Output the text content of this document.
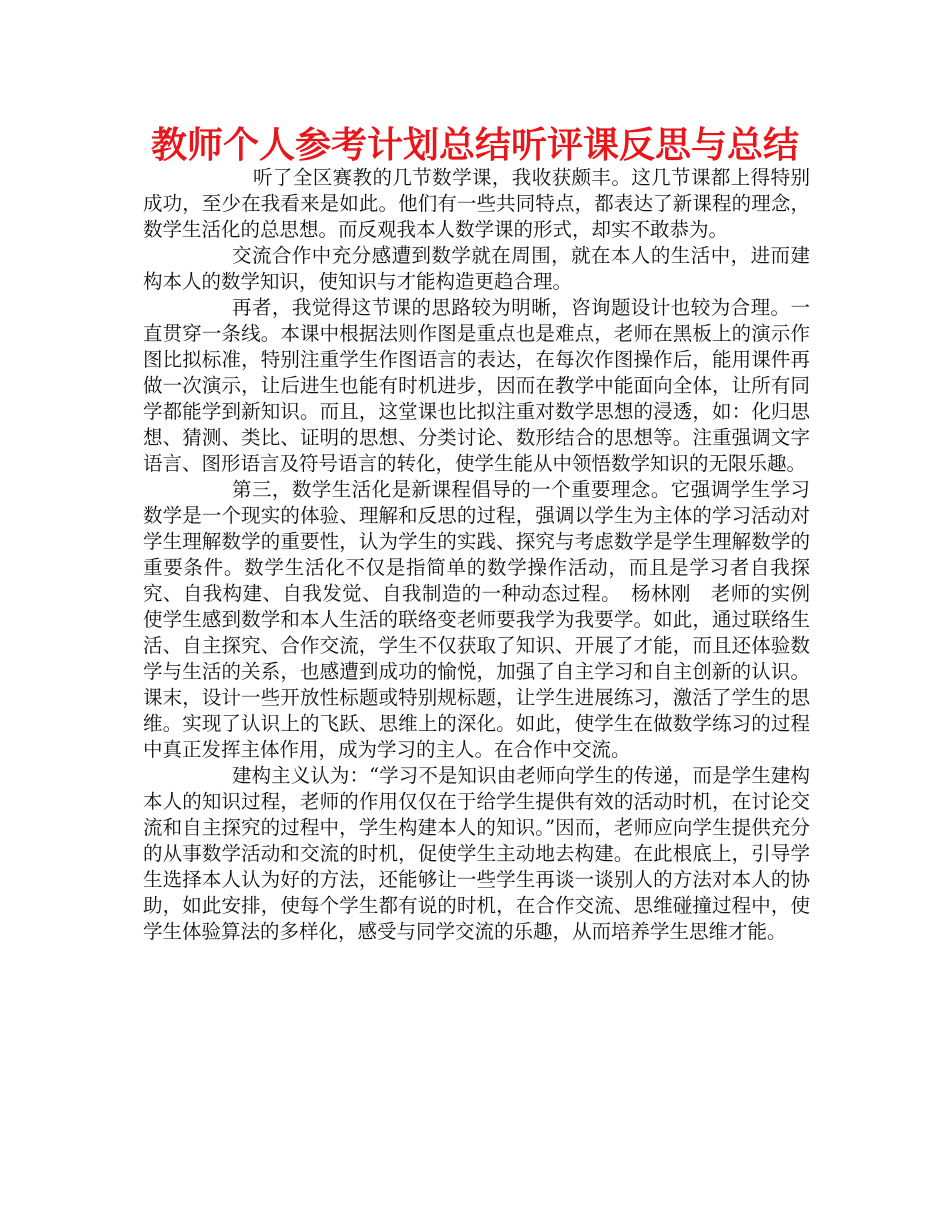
教师个人参考计划总结听评课反思与总结

听了全区赛教的几节数学课，我收获颇丰。这几节课都上得特别成功，至少在我看来是如此。他们有一些共同特点，都表达了新课程的理念，数学生活化的总思想。而反观我本人数学课的形式，却实不敢恭为。

交流合作中充分感遭到数学就在周围，就在本人的生活中，进而建构本人的数学知识，使知识与才能构造更趋合理。

再者，我觉得这节课的思路较为明晰，咨询题设计也较为合理。一直贯穿一条线。本课中根据法则作图是重点也是难点，老师在黑板上的演示作图比拟标准，特别注重学生作图语言的表达，在每次作图操作后，能用课件再做一次演示，让后进生也能有时机进步，因而在教学中能面向全体，让所有同学都能学到新知识。而且，这堂课也比拟注重对数学思想的浸透，如：化归思想、猜测、类比、证明的思想、分类讨论、数形结合的思想等。注重强调文字语言、图形语言及符号语言的转化，使学生能从中领悟数学知识的无限乐趣。

第三，数学生活化是新课程倡导的一个重要理念。它强调学生学习数学是一个现实的体验、理解和反思的过程，强调以学生为主体的学习活动对学生理解数学的重要性，认为学生的实践、探究与考虑数学是学生理解数学的重要条件。数学生活化不仅是指简单的数学操作活动，而且是学习者自我探究、自我构建、自我发觉、自我制造的一种动态过程。　杨林刚　老师的实例使学生感到数学和本人生活的联络变老师要我学为我要学。如此，通过联络生活、自主探究、合作交流，学生不仅获取了知识、开展了才能，而且还体验数学与生活的关系，也感遭到成功的愉悦，加强了自主学习和自主创新的认识。课末，设计一些开放性标题或特别规标题，让学生进展练习，激活了学生的思维。实现了认识上的飞跃、思维上的深化。如此，使学生在做数学练习的过程中真正发挥主体作用，成为学习的主人。在合作中交流。

建构主义认为：“学习不是知识由老师向学生的传递，而是学生建构本人的知识过程，老师的作用仅仅在于给学生提供有效的活动时机，在讨论交流和自主探究的过程中，学生构建本人的知识。”因而，老师应向学生提供充分的从事数学活动和交流的时机，促使学生主动地去构建。在此根底上，引导学生选择本人认为好的方法，还能够让一些学生再谈一谈别人的方法对本人的协助，如此安排，使每个学生都有说的时机，在合作交流、思维碰撞过程中，使学生体验算法的多样化，感受与同学交流的乐趣，从而培养学生思维才能。
